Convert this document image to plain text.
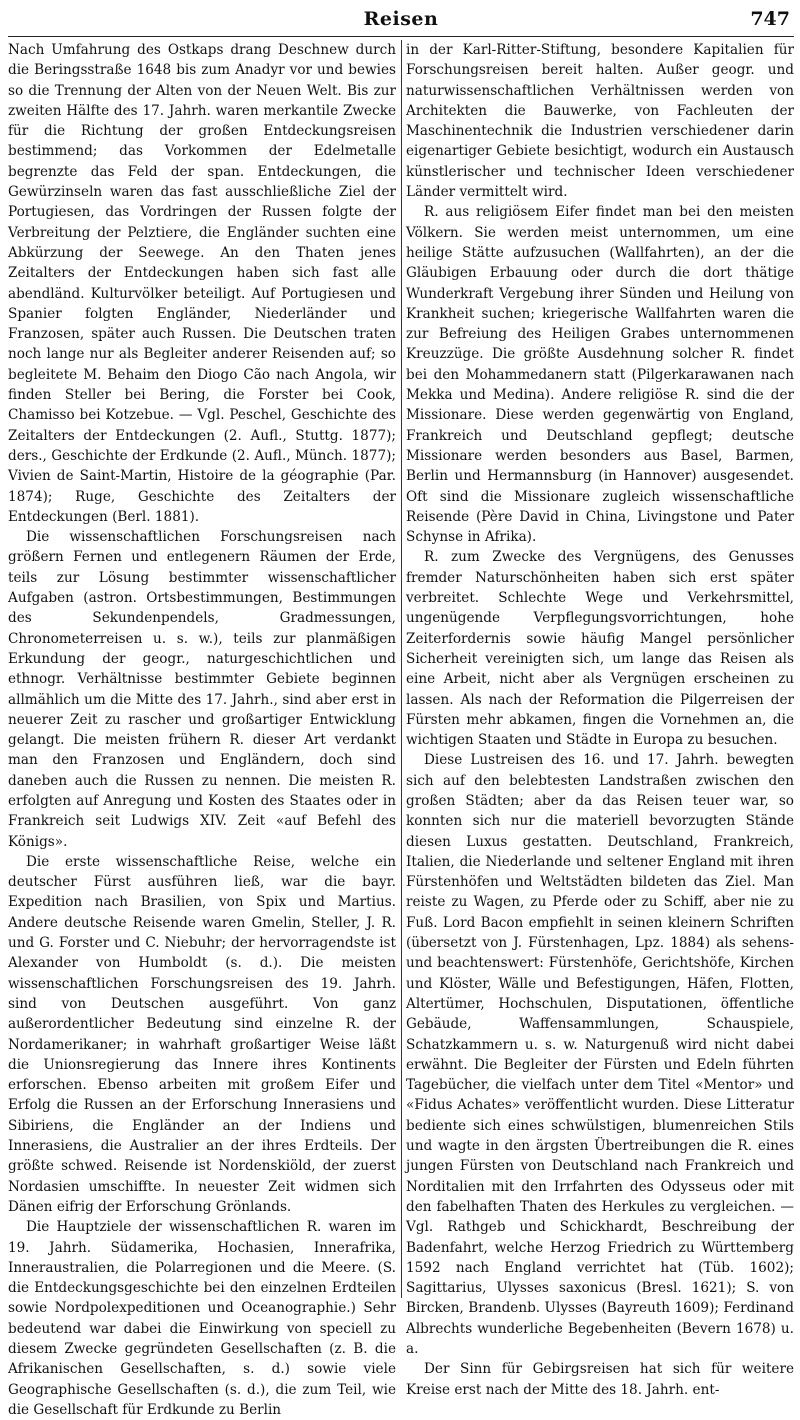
Reisen	747

Nach Umfahrung des Ostkaps drang Deschnew durch die Beringsstraße 1648 bis zum Anadyr vor und bewies so die Trennung der Alten von der Neuen Welt. Bis zur zweiten Hälfte des 17. Jahrh. waren merkantile Zwecke für die Richtung der großen Entdeckungsreisen bestimmend; das Vorkommen der Edelmetalle begrenzte das Feld der span. Entdeckungen, die Gewürzinseln waren das fast ausschließliche Ziel der Portugiesen, das Vordringen der Russen folgte der Verbreitung der Pelztiere, die Engländer suchten eine Abkürzung der Seewege. An den Thaten jenes Zeitalters der Entdeckungen haben sich fast alle abendländ. Kulturvölker beteiligt. Auf Portugiesen und Spanier folgten Engländer, Niederländer und Franzosen, später auch Russen. Die Deutschen traten noch lange nur als Begleiter anderer Reisenden auf; so begleitete M. Behaim den Diogo Cão nach Angola, wir finden Steller bei Bering, die Forster bei Cook, Chamisso bei Kotzebue. — Vgl. Peschel, Geschichte des Zeitalters der Entdeckungen (2. Aufl., Stuttg. 1877); ders., Geschichte der Erdkunde (2. Aufl., Münch. 1877); Vivien de Saint-Martin, Histoire de la géographie (Par. 1874); Ruge, Geschichte des Zeitalters der Entdeckungen (Berl. 1881).

Die wissenschaftlichen Forschungsreisen nach größern Fernen und entlegenern Räumen der Erde, teils zur Lösung bestimmter wissenschaftlicher Aufgaben (astron. Ortsbestimmungen, Bestimmungen des Sekundenpendels, Gradmessungen, Chronometerreisen u. s. w.), teils zur planmäßigen Erkundung der geogr., naturgeschichtlichen und ethnogr. Verhältnisse bestimmter Gebiete beginnen allmählich um die Mitte des 17. Jahrh., sind aber erst in neuerer Zeit zu rascher und großartiger Entwicklung gelangt. Die meisten frühern R. dieser Art verdankt man den Franzosen und Engländern, doch sind daneben auch die Russen zu nennen. Die meisten R. erfolgten auf Anregung und Kosten des Staates oder in Frankreich seit Ludwigs XIV. Zeit «auf Befehl des Königs».

Die erste wissenschaftliche Reise, welche ein deutscher Fürst ausführen ließ, war die bayr. Expedition nach Brasilien, von Spix und Martius. Andere deutsche Reisende waren Gmelin, Steller, J. R. und G. Forster und C. Niebuhr; der hervorragendste ist Alexander von Humboldt (s. d.). Die meisten wissenschaftlichen Forschungsreisen des 19. Jahrh. sind von Deutschen ausgeführt. Von ganz außerordentlicher Bedeutung sind einzelne R. der Nordamerikaner; in wahrhaft großartiger Weise läßt die Unionsregierung das Innere ihres Kontinents erforschen. Ebenso arbeiten mit großem Eifer und Erfolg die Russen an der Erforschung Innerasiens und Sibiriens, die Engländer an der Indiens und Innerasiens, die Australier an der ihres Erdteils. Der größte schwed. Reisende ist Nordenskiöld, der zuerst Nordasien umschiffte. In neuester Zeit widmen sich Dänen eifrig der Erforschung Grönlands.

Die Hauptziele der wissenschaftlichen R. waren im 19. Jahrh. Südamerika, Hochasien, Innerafrika, Inneraustralien, die Polarregionen und die Meere. (S. die Entdeckungsgeschichte bei den einzelnen Erdteilen sowie Nordpolexpeditionen und Oceanographie.) Sehr bedeutend war dabei die Einwirkung von speciell zu diesem Zwecke gegründeten Gesellschaften (z. B. die Afrikanischen Gesellschaften, s. d.) sowie viele Geographische Gesellschaften (s. d.), die zum Teil, wie die Gesellschaft für Erdkunde zu Berlin

in der Karl-Ritter-Stiftung, besondere Kapitalien für Forschungsreisen bereit halten. Außer geogr. und naturwissenschaftlichen Verhältnissen werden von Architekten die Bauwerke, von Fachleuten der Maschinentechnik die Industrien verschiedener darin eigenartiger Gebiete besichtigt, wodurch ein Austausch künstlerischer und technischer Ideen verschiedener Länder vermittelt wird.

R. aus religiösem Eifer findet man bei den meisten Völkern. Sie werden meist unternommen, um eine heilige Stätte aufzusuchen (Wallfahrten), an der die Gläubigen Erbauung oder durch die dort thätige Wunderkraft Vergebung ihrer Sünden und Heilung von Krankheit suchen; kriegerische Wallfahrten waren die zur Befreiung des Heiligen Grabes unternommenen Kreuzzüge. Die größte Ausdehnung solcher R. findet bei den Mohammedanern statt (Pilgerkarawanen nach Mekka und Medina). Andere religiöse R. sind die der Missionare. Diese werden gegenwärtig von England, Frankreich und Deutschland gepflegt; deutsche Missionare werden besonders aus Basel, Barmen, Berlin und Hermannsburg (in Hannover) ausgesendet. Oft sind die Missionare zugleich wissenschaftliche Reisende (Père David in China, Livingstone und Pater Schynse in Afrika).

R. zum Zwecke des Vergnügens, des Genusses fremder Naturschönheiten haben sich erst später verbreitet. Schlechte Wege und Verkehrsmittel, ungenügende Verpflegungsvorrichtungen, hohe Zeiterfordernis sowie häufig Mangel persönlicher Sicherheit vereinigten sich, um lange das Reisen als eine Arbeit, nicht aber als Vergnügen erscheinen zu lassen. Als nach der Reformation die Pilgerreisen der Fürsten mehr abkamen, fingen die Vornehmen an, die wichtigen Staaten und Städte in Europa zu besuchen.

Diese Lustreisen des 16. und 17. Jahrh. bewegten sich auf den belebtesten Landstraßen zwischen den großen Städten; aber da das Reisen teuer war, so konnten sich nur die materiell bevorzugten Stände diesen Luxus gestatten. Deutschland, Frankreich, Italien, die Niederlande und seltener England mit ihren Fürstenhöfen und Weltstädten bildeten das Ziel. Man reiste zu Wagen, zu Pferde oder zu Schiff, aber nie zu Fuß. Lord Bacon empfiehlt in seinen kleinern Schriften (übersetzt von J. Fürstenhagen, Lpz. 1884) als sehens- und beachtenswert: Fürstenhöfe, Gerichtshöfe, Kirchen und Klöster, Wälle und Befestigungen, Häfen, Flotten, Altertümer, Hochschulen, Disputationen, öffentliche Gebäude, Waffensammlungen, Schauspiele, Schatzkammern u. s. w. Naturgenuß wird nicht dabei erwähnt. Die Begleiter der Fürsten und Edeln führten Tagebücher, die vielfach unter dem Titel «Mentor» und «Fidus Achates» veröffentlicht wurden. Diese Litteratur bediente sich eines schwülstigen, blumenreichen Stils und wagte in den ärgsten Übertreibungen die R. eines jungen Fürsten von Deutschland nach Frankreich und Norditalien mit den Irrfahrten des Odysseus oder mit den fabelhaften Thaten des Herkules zu vergleichen. — Vgl. Rathgeb und Schickhardt, Beschreibung der Badenfahrt, welche Herzog Friedrich zu Württemberg 1592 nach England verrichtet hat (Tüb. 1602); Sagittarius, Ulysses saxonicus (Bresl. 1621); S. von Bircken, Brandenb. Ulysses (Bayreuth 1609); Ferdinand Albrechts wunderliche Begebenheiten (Bevern 1678) u. a.

Der Sinn für Gebirgsreisen hat sich für weitere Kreise erst nach der Mitte des 18. Jahrh. ent-
